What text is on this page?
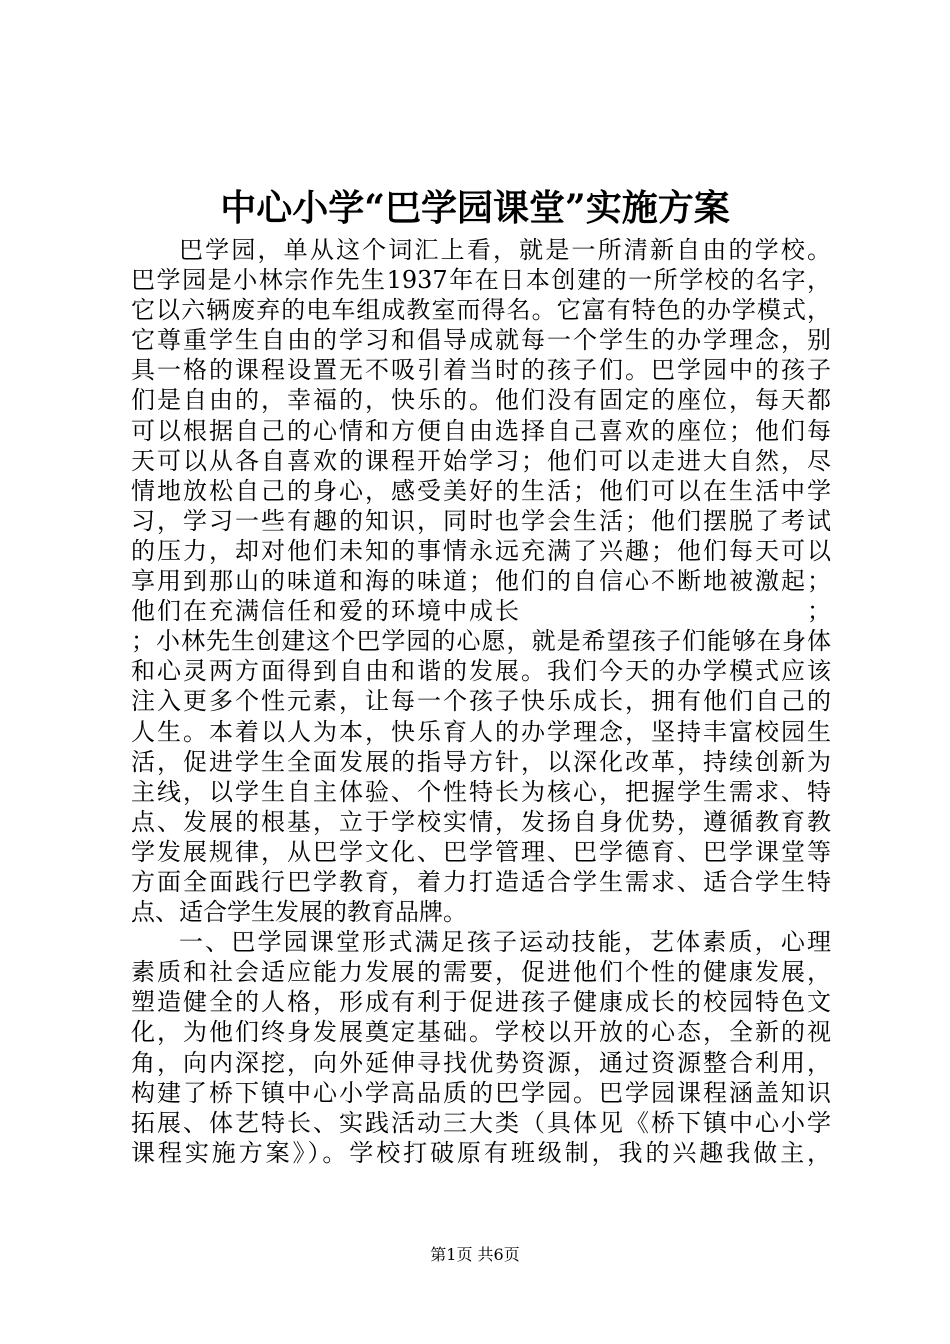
中心小学“巴学园课堂”实施方案
巴学园，单从这个词汇上看，就是一所清新自由的学校。
巴学园是小林宗作先生1937年在日本创建的一所学校的名字，
它以六辆废弃的电车组成教室而得名。它富有特色的办学模式，
它尊重学生自由的学习和倡导成就每一个学生的办学理念，别
具一格的课程设置无不吸引着当时的孩子们。巴学园中的孩子
们是自由的，幸福的，快乐的。他们没有固定的座位，每天都
可以根据自己的心情和方便自由选择自己喜欢的座位；他们每
天可以从各自喜欢的课程开始学习；他们可以走进大自然，尽
情地放松自己的身心，感受美好的生活；他们可以在生活中学
习，学习一些有趣的知识，同时也学会生活；他们摆脱了考试
的压力，却对他们未知的事情永远充满了兴趣；他们每天可以
享用到那山的味道和海的味道；他们的自信心不断地被激起；
他们在充满信任和爱的环境中成长　　　　　　　　　　　；
；小林先生创建这个巴学园的心愿，就是希望孩子们能够在身体
和心灵两方面得到自由和谐的发展。我们今天的办学模式应该
注入更多个性元素，让每一个孩子快乐成长，拥有他们自己的
人生。本着以人为本，快乐育人的办学理念，坚持丰富校园生
活，促进学生全面发展的指导方针，以深化改革，持续创新为
主线，以学生自主体验、个性特长为核心，把握学生需求、特
点、发展的根基，立于学校实情，发扬自身优势，遵循教育教
学发展规律，从巴学文化、巴学管理、巴学德育、巴学课堂等
方面全面践行巴学教育，着力打造适合学生需求、适合学生特
点、适合学生发展的教育品牌。
一、巴学园课堂形式满足孩子运动技能，艺体素质，心理
素质和社会适应能力发展的需要，促进他们个性的健康发展，
塑造健全的人格，形成有利于促进孩子健康成长的校园特色文
化，为他们终身发展奠定基础。学校以开放的心态，全新的视
角，向内深挖，向外延伸寻找优势资源，通过资源整合利用，
构建了桥下镇中心小学高品质的巴学园。巴学园课程涵盖知识
拓展、体艺特长、实践活动三大类（具体见《桥下镇中心小学
课程实施方案》）。学校打破原有班级制，我的兴趣我做主，
第1页 共6页
